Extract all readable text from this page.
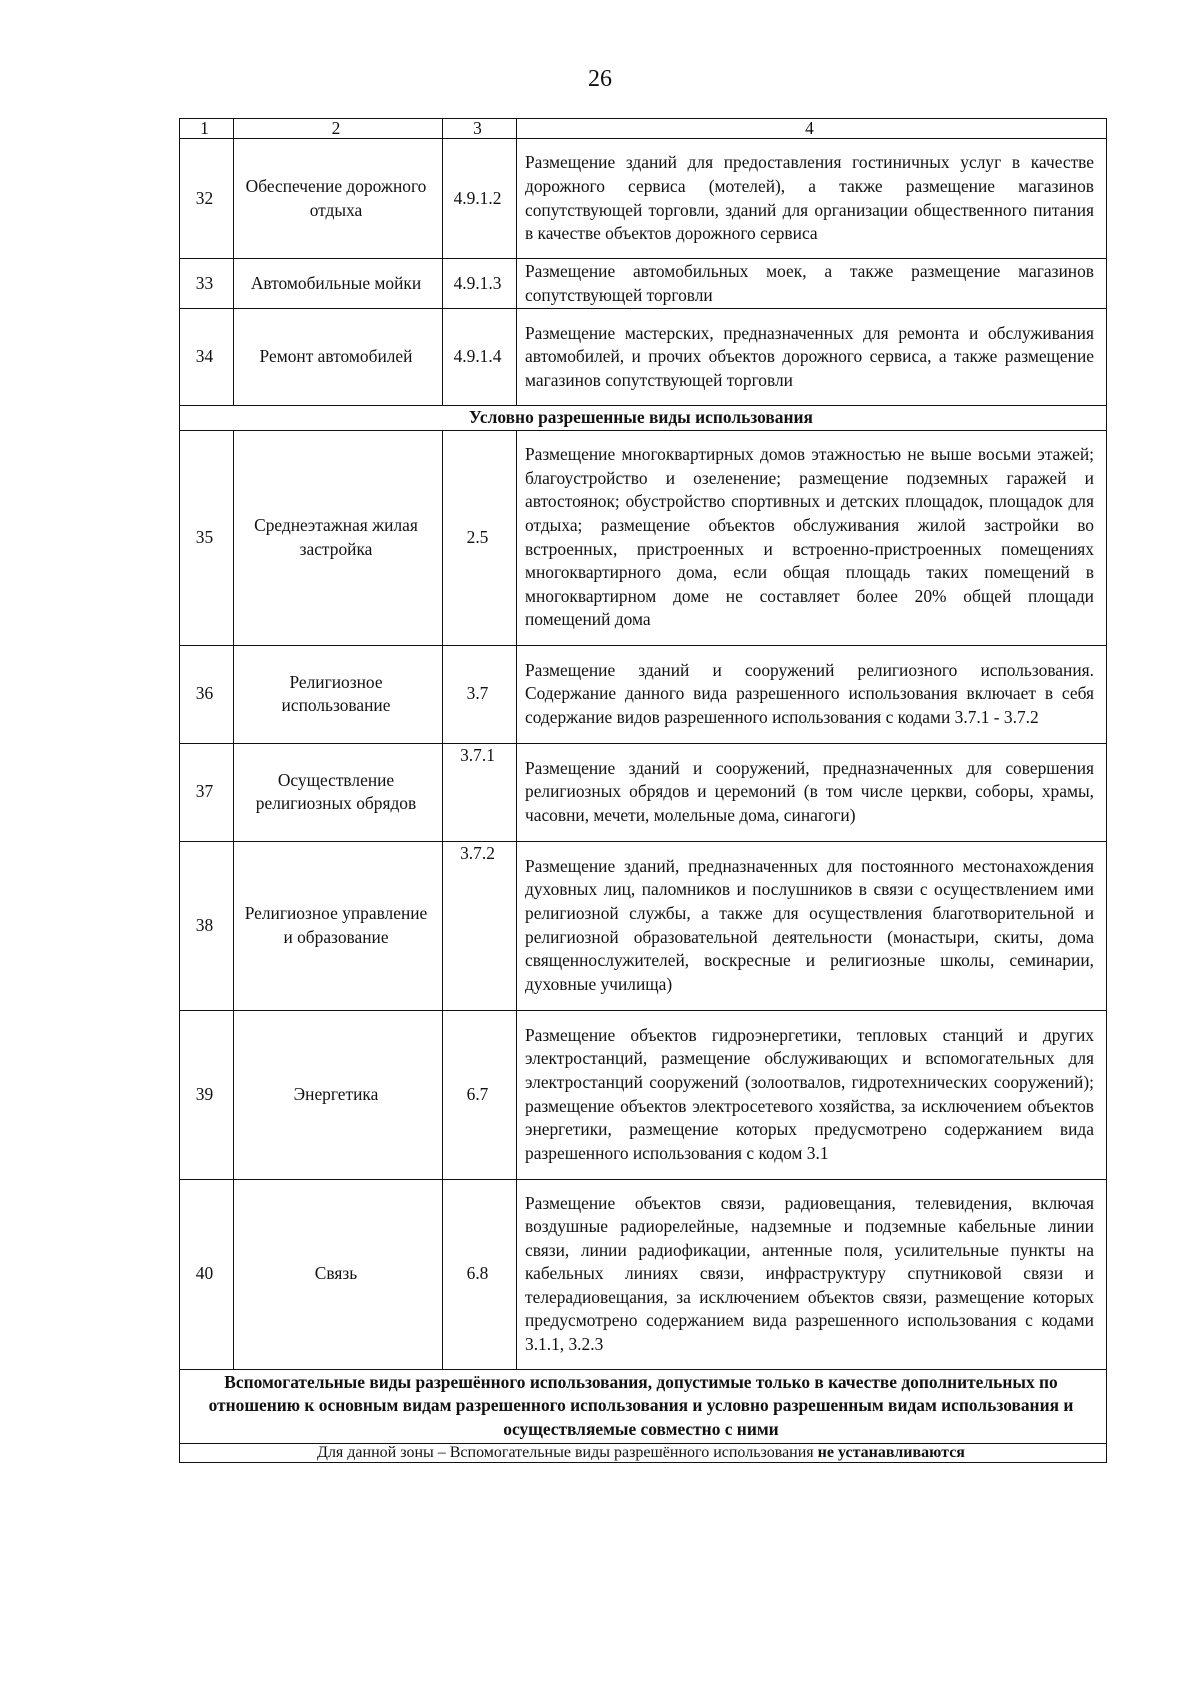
26
1	2	3	4
32	Обеспечение дорожного отдыха	4.9.1.2	Размещение зданий для предоставления гостиничных услуг в качестве дорожного сервиса (мотелей), а также размещение магазинов сопутствующей торговли, зданий для организации общественного питания в качестве объектов дорожного сервиса
33	Автомобильные мойки	4.9.1.3	Размещение автомобильных моек, а также размещение магазинов сопутствующей торговли
34	Ремонт автомобилей	4.9.1.4	Размещение мастерских, предназначенных для ремонта и обслуживания автомобилей, и прочих объектов дорожного сервиса, а также размещение магазинов сопутствующей торговли
Условно разрешенные виды использования			
35	Среднеэтажная жилая застройка	2.5	Размещение многоквартирных домов этажностью не выше восьми этажей; благоустройство и озеленение; размещение подземных гаражей и автостоянок; обустройство спортивных и детских площадок, площадок для отдыха; размещение объектов обслуживания жилой застройки во встроенных, пристроенных и встроенно-пристроенных помещениях многоквартирного дома, если общая площадь таких помещений в многоквартирном доме не составляет более 20% общей площади помещений дома
36	Религиозное использование	3.7	Размещение зданий и сооружений религиозного использования. Содержание данного вида разрешенного использования включает в себя содержание видов разрешенного использования с кодами 3.7.1 - 3.7.2
37	Осуществление религиозных обрядов	3.7.1	Размещение зданий и сооружений, предназначенных для совершения религиозных обрядов и церемоний (в том числе церкви, соборы, храмы, часовни, мечети, молельные дома, синагоги)
38	Религиозное управление и образование	3.7.2	Размещение зданий, предназначенных для постоянного местонахождения духовных лиц, паломников и послушников в связи с осуществлением ими религиозной службы, а также для осуществления благотворительной и религиозной образовательной деятельности (монастыри, скиты, дома священнослужителей, воскресные и религиозные школы, семинарии, духовные училища)
39	Энергетика	6.7	Размещение объектов гидроэнергетики, тепловых станций и других электростанций, размещение обслуживающих и вспомогательных для электростанций сооружений (золоотвалов, гидротехнических сооружений); размещение объектов электросетевого хозяйства, за исключением объектов энергетики, размещение которых предусмотрено содержанием вида разрешенного использования с кодом 3.1
40	Связь	6.8	Размещение объектов связи, радиовещания, телевидения, включая воздушные радиорелейные, надземные и подземные кабельные линии связи, линии радиофикации, антенные поля, усилительные пункты на кабельных линиях связи, инфраструктуру спутниковой связи и телерадиовещания, за исключением объектов связи, размещение которых предусмотрено содержанием вида разрешенного использования с кодами 3.1.1, 3.2.3
Вспомогательные виды разрешённого использования, допустимые только в качестве дополнительных по отношению к основным видам разрешенного использования и условно разрешенным видам использования и осуществляемые совместно с ними			
Для данной зоны – Вспомогательные виды разрешённого использования не устанавливаются			
